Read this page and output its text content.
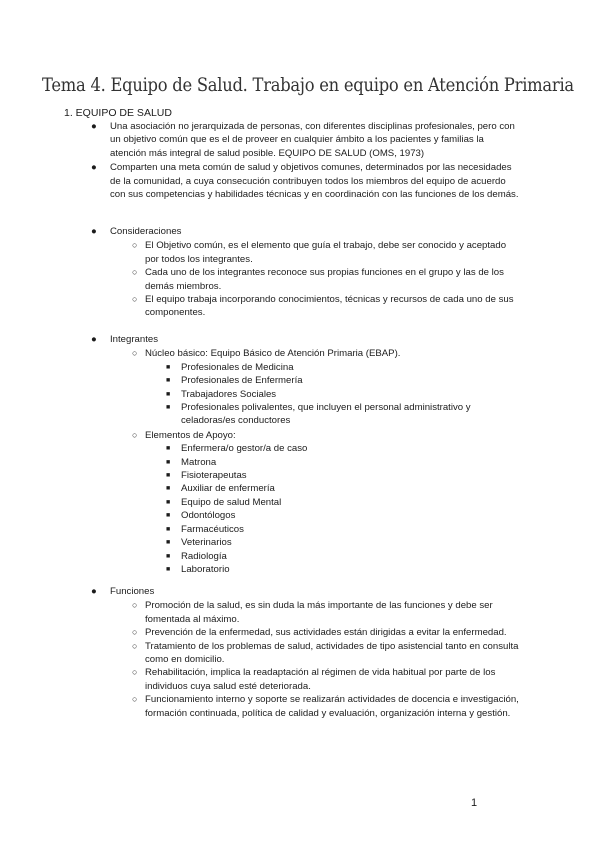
Tema 4. Equipo de Salud. Trabajo en equipo en Atención Primaria
1. EQUIPO DE SALUD
● Una asociación no jerarquizada de personas, con diferentes disciplinas profesionales, pero con un objetivo común que es el de proveer en cualquier ámbito a los pacientes y familias la atención más integral de salud posible. EQUIPO DE SALUD (OMS, 1973)
● Comparten una meta común de salud y objetivos comunes, determinados por las necesidades de la comunidad, a cuya consecución contribuyen todos los miembros del equipo de acuerdo con sus competencias y habilidades técnicas y en coordinación con las funciones de los demás.
● Consideraciones
○ El Objetivo común, es el elemento que guía el trabajo, debe ser conocido y aceptado por todos los integrantes.
○ Cada uno de los integrantes reconoce sus propias funciones en el grupo y las de los demás miembros.
○ El equipo trabaja incorporando conocimientos, técnicas y recursos de cada uno de sus componentes.
● Integrantes
○ Núcleo básico: Equipo Básico de Atención Primaria (EBAP).
■ Profesionales de Medicina
■ Profesionales de Enfermería
■ Trabajadores Sociales
■ Profesionales polivalentes, que incluyen el personal administrativo y celadoras/es conductores
○ Elementos de Apoyo:
■ Enfermera/o gestor/a de caso
■ Matrona
■ Fisioterapeutas
■ Auxiliar de enfermería
■ Equipo de salud Mental
■ Odontólogos
■ Farmacéuticos
■ Veterinarios
■ Radiología
■ Laboratorio
● Funciones
○ Promoción de la salud, es sin duda la más importante de las funciones y debe ser fomentada al máximo.
○ Prevención de la enfermedad, sus actividades están dirigidas a evitar la enfermedad.
○ Tratamiento de los problemas de salud, actividades de tipo asistencial tanto en consulta como en domicilio.
○ Rehabilitación, implica la readaptación al régimen de vida habitual por parte de los individuos cuya salud esté deteriorada.
○ Funcionamiento interno y soporte se realizarán actividades de docencia e investigación, formación continuada, política de calidad y evaluación, organización interna y gestión.
1
